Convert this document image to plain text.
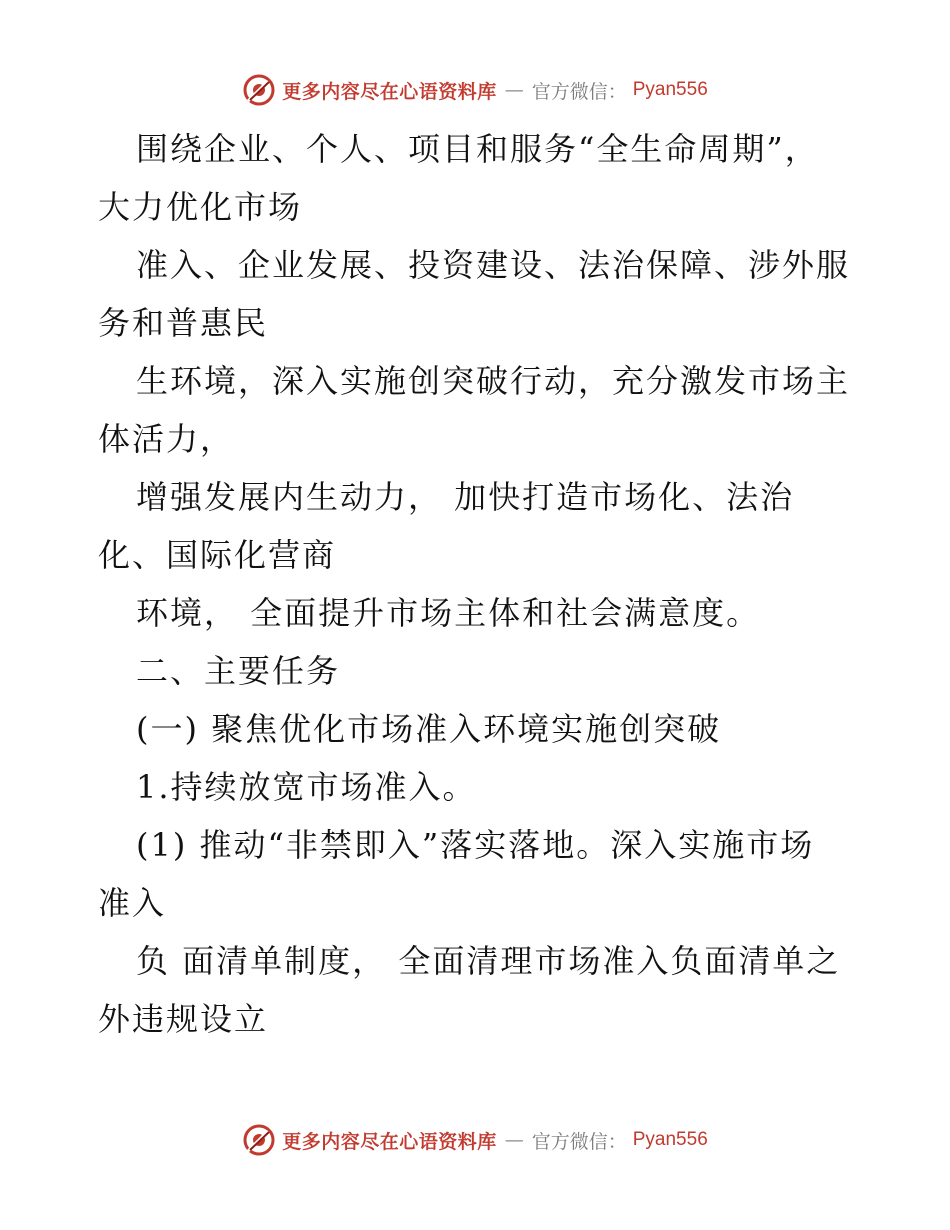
更多内容尽在心语资料库 — 官方微信： Pyan556
围绕企业、个人、项目和服务“全生命周期”，
大力优化市场
准入、企业发展、投资建设、法治保障、涉外服
务和普惠民
生环境，深入实施创突破行动，充分激发市场主
体活力，
增强发展内生动力， 加快打造市场化、法治
化、国际化营商
环境， 全面提升市场主体和社会满意度。
二、主要任务
(一) 聚焦优化市场准入环境实施创突破
1.持续放宽市场准入。
(1) 推动“非禁即入”落实落地。深入实施市场
准入
负 面清单制度， 全面清理市场准入负面清单之
外违规设立
更多内容尽在心语资料库 — 官方微信： Pyan556
